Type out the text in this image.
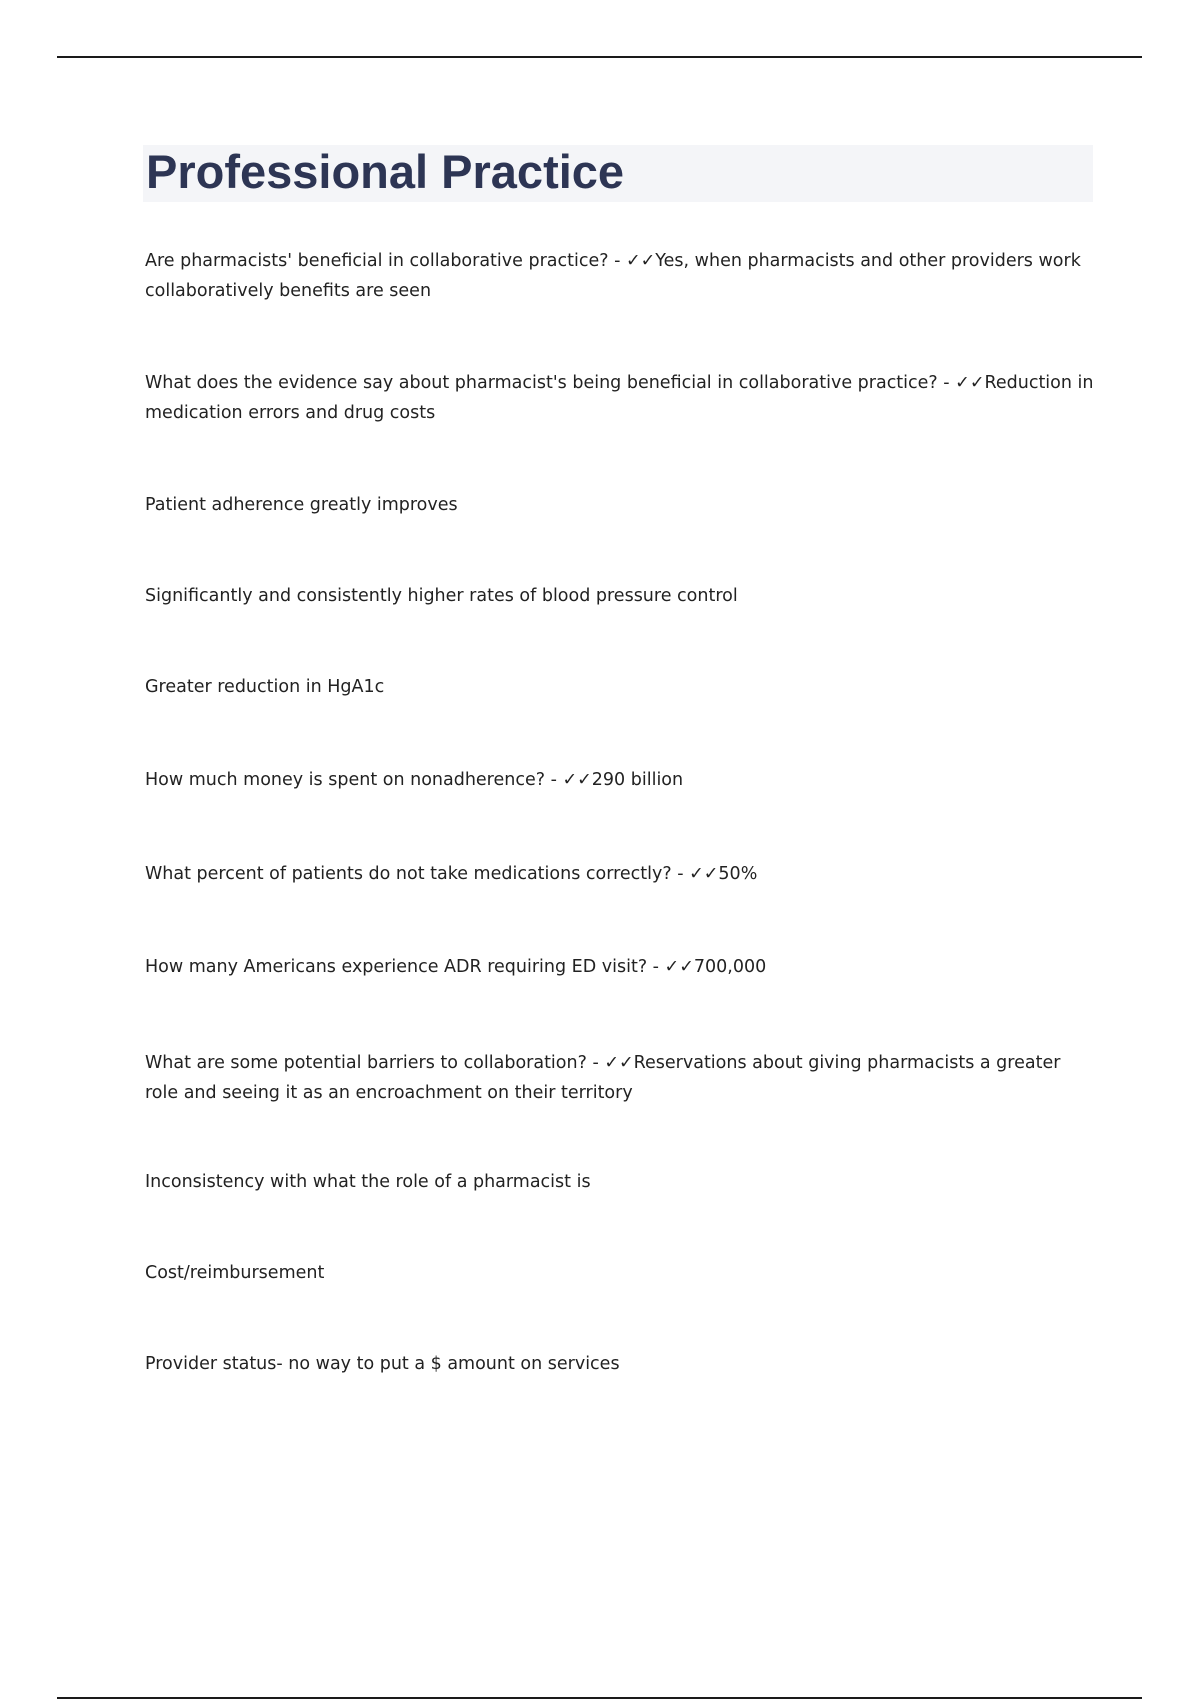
Professional Practice

Are pharmacists' beneficial in collaborative practice? - ✓✓Yes, when pharmacists and other providers work collaboratively benefits are seen

What does the evidence say about pharmacist's being beneficial in collaborative practice? - ✓✓Reduction in medication errors and drug costs

Patient adherence greatly improves

Significantly and consistently higher rates of blood pressure control

Greater reduction in HgA1c

How much money is spent on nonadherence? - ✓✓290 billion

What percent of patients do not take medications correctly? - ✓✓50%

How many Americans experience ADR requiring ED visit? - ✓✓700,000

What are some potential barriers to collaboration? - ✓✓Reservations about giving pharmacists a greater role and seeing it as an encroachment on their territory

Inconsistency with what the role of a pharmacist is

Cost/reimbursement

Provider status- no way to put a $ amount on services
